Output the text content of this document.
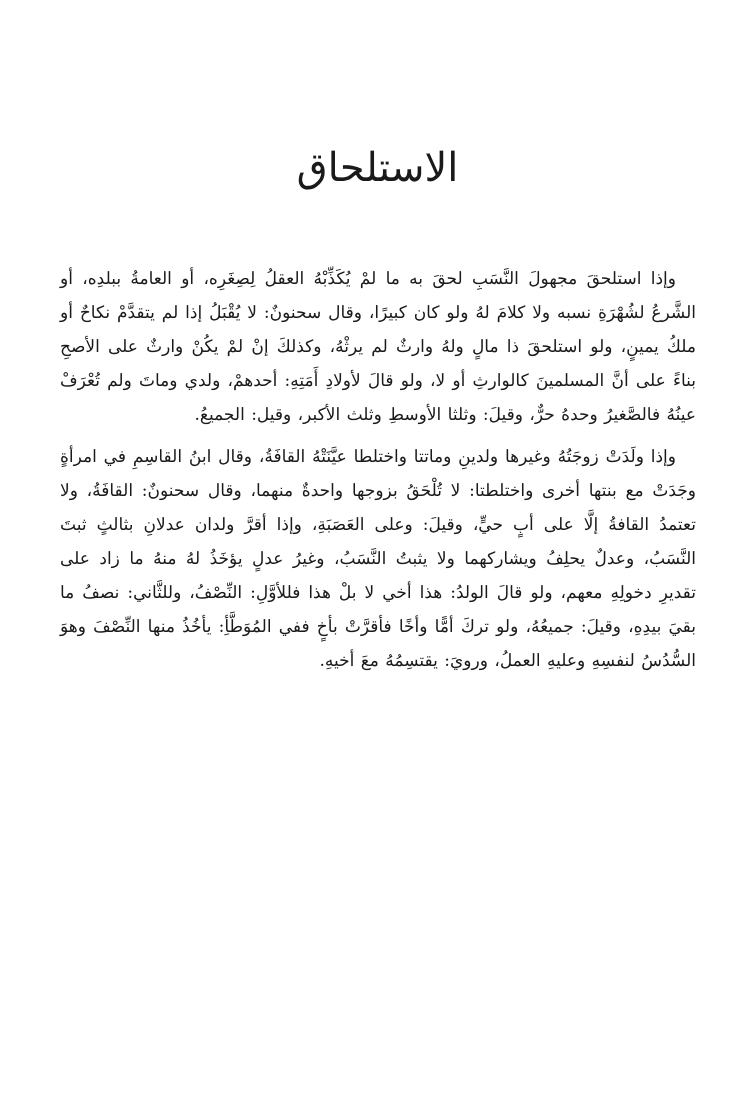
الاستلحاق

وإذا استلحقَ مجهولَ النَّسَبِ لحقَ به ما لمْ يُكَذِّبْهُ العقلُ لِصِغَرِه، أو العامةُ ببلدِه، أو الشَّرعُ لشُهْرَةِ نسبه ولا كلامَ لهُ ولو كان كبيرًا، وقال سحنونٌ: لا يُقْبَلُ إذا لم يتقدَّمْ نكاحٌ أو ملكُ يمينٍ، ولو استلحقَ ذا مالٍ ولهُ وارثٌ لم يرثْهُ، وكذلكَ إنْ لمْ يكُنْ وارثٌ على الأصحِ بناءً على أنَّ المسلمينَ كالوارثِ أو لا، ولو قالَ لأولادِ أَمَتِهِ: أحدهمْ، ولدي وماتَ ولم تُعْرَفْ عينُهُ فالصَّغيرُ وحدهُ حرٌّ، وقيلَ: وثلثا الأوسطِ وثلث الأكبر، وقيل: الجميعُ.

وإذا ولَدَتْ زوجَتُهُ وغيرها ولدينِ وماتتا واختلطا عيَّنَتْهُ القافَةُ، وقال ابنُ القاسِمِ في امرأةٍ وجَدَتْ مع بنتها أخرى واختلطتا: لا تُلْحَقُ بزوجها واحدةٌ منهما، وقال سحنونٌ: القافَةُ، ولا تعتمدُ القافةُ إلَّا على أبٍ حيٍّ، وقيلَ: وعلى العَصَبَةِ، وإذا أقرَّ ولدان عدلانِ بثالثٍ ثبتَ النَّسَبُ، وعدلٌ يحلِفُ ويشاركهما ولا يثبتُ النَّسَبُ، وغيرُ عدلٍ يؤخَذُ لهُ منهُ ما زاد على تقديرِ دخولِهِ معهم، ولو قالَ الولدُ: هذا أخي لا بلْ هذا فللأوَّلِ: النِّصْفُ، وللثَّاني: نصفُ ما بقيَ بيدِهِ، وقيلَ: جميعُهُ، ولو تركَ أمًّا وأخًا فأقرَّتْ بأخٍ ففي المُوَطَّأِ: يأخُذُ منها النِّصْفَ وهوَ السُّدُسُ لنفسِهِ وعليهِ العملُ، ورويَ: يقتسِمُهُ معَ أخيهِ.
